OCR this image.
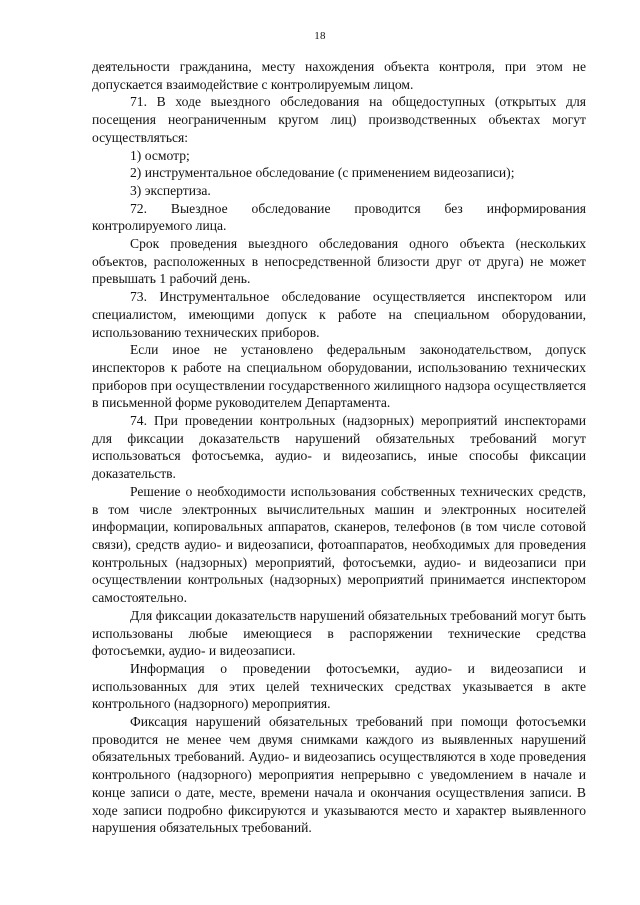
18

деятельности гражданина, месту нахождения объекта контроля, при этом не допускается взаимодействие с контролируемым лицом.

71. В ходе выездного обследования на общедоступных (открытых для посещения неограниченным кругом лиц) производственных объектах могут осуществляться:

1) осмотр;

2) инструментальное обследование (с применением видеозаписи);

3) экспертиза.

72. Выездное обследование проводится без информирования контролируемого лица.

Срок проведения выездного обследования одного объекта (нескольких объектов, расположенных в непосредственной близости друг от друга) не может превышать 1 рабочий день.

73. Инструментальное обследование осуществляется инспектором или специалистом, имеющими допуск к работе на специальном оборудовании, использованию технических приборов.

Если иное не установлено федеральным законодательством, допуск инспекторов к работе на специальном оборудовании, использованию технических приборов при осуществлении государственного жилищного надзора осуществляется в письменной форме руководителем Департамента.

74. При проведении контрольных (надзорных) мероприятий инспекторами для фиксации доказательств нарушений обязательных требований могут использоваться фотосъемка, аудио- и видеозапись, иные способы фиксации доказательств.

Решение о необходимости использования собственных технических средств, в том числе электронных вычислительных машин и электронных носителей информации, копировальных аппаратов, сканеров, телефонов (в том числе сотовой связи), средств аудио- и видеозаписи, фотоаппаратов, необходимых для проведения контрольных (надзорных) мероприятий, фотосъемки, аудио- и видеозаписи при осуществлении контрольных (надзорных) мероприятий принимается инспектором самостоятельно.

Для фиксации доказательств нарушений обязательных требований могут быть использованы любые имеющиеся в распоряжении технические средства фотосъемки, аудио- и видеозаписи.

Информация о проведении фотосъемки, аудио- и видеозаписи и использованных для этих целей технических средствах указывается в акте контрольного (надзорного) мероприятия.

Фиксация нарушений обязательных требований при помощи фотосъемки проводится не менее чем двумя снимками каждого из выявленных нарушений обязательных требований. Аудио- и видеозапись осуществляются в ходе проведения контрольного (надзорного) мероприятия непрерывно с уведомлением в начале и конце записи о дате, месте, времени начала и окончания осуществления записи. В ходе записи подробно фиксируются и указываются место и характер выявленного нарушения обязательных требований.
